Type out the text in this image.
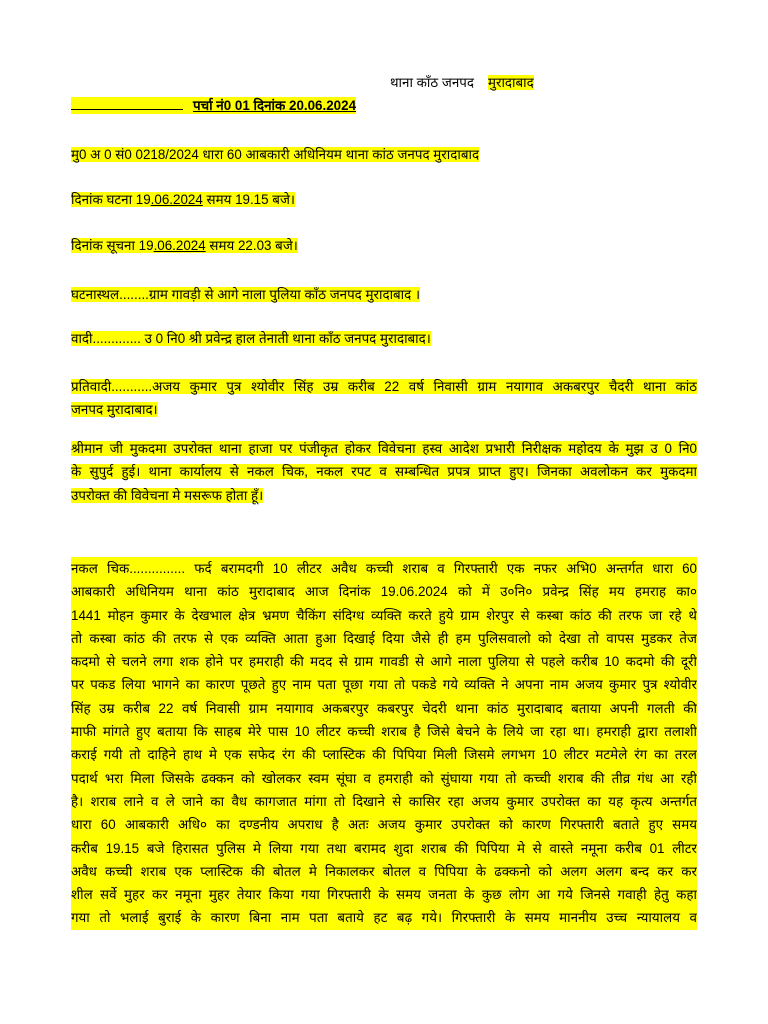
थाना काँठ जनपद मुरादाबाद
पर्चा नं0 01 दिनांक 20.06.2024
मु0 अ 0 सं0 0218/2024 धारा 60 आबकारी अधिनियम थाना कांठ जनपद मुरादाबाद
दिनांक घटना 19.06.2024 समय 19.15 बजे।
दिनांक सूचना 19.06.2024 समय 22.03 बजे।
घटनास्थल........ग्राम गावड़ी से आगे नाला पुलिया काँठ जनपद मुरादाबाद ।
वादी............. उ 0 नि0 श्री प्रवेन्द्र हाल तेनाती थाना काँठ जनपद मुरादाबाद।
प्रतिवादी...........अजय कुमार पुत्र श्योवीर सिंह उम्र करीब 22 वर्ष निवासी ग्राम नयागाव अकबरपुर चैदरी थाना कांठ
जनपद मुरादाबाद।
श्रीमान जी मुकदमा उपरोक्त थाना हाजा पर पंजीकृत होकर विवेचना हस्व आदेश प्रभारी निरीक्षक महोदय के मुझ उ 0 नि0
के सुपुर्द हुई। थाना कार्यालय से नकल चिक, नकल रपट व सम्बन्धित प्रपत्र प्राप्त हुए। जिनका अवलोकन कर मुकदमा
उपरोक्त की विवेचना मे मसरूफ होता हूँ।
नकल चिक............... फर्द बरामदगी 10 लीटर अवैध कच्ची शराब व गिरफ्तारी एक नफर अभि0 अन्तर्गत धारा 60
आबकारी अधिनियम थाना कांठ मुरादाबाद आज दिनांक 19.06.2024 को में उ०नि० प्रवेन्द्र सिंह मय हमराह का०
1441 मोहन कुमार के देखभाल क्षेत्र भ्रमण चैकिंग संदिग्ध व्यक्ति करते हुये ग्राम शेरपुर से कस्बा कांठ की तरफ जा रहे थे
तो कस्बा कांठ की तरफ से एक व्यक्ति आता हुआ दिखाई दिया जैसे ही हम पुलिसवालो को देखा तो वापस मुडकर तेज
कदमो से चलने लगा शक होने पर हमराही की मदद से ग्राम गावडी से आगे नाला पुलिया से पहले करीब 10 कदमो की दूरी
पर पकड लिया भागने का कारण पूछते हुए नाम पता पूछा गया तो पकडे गये व्यक्ति ने अपना नाम अजय कुमार पुत्र श्योवीर
सिंह उम्र करीब 22 वर्ष निवासी ग्राम नयागाव अकबरपुर कबरपुर चेदरी थाना कांठ मुरादाबाद बताया अपनी गलती की
माफी मांगते हुए बताया कि साहब मेरे पास 10 लीटर कच्ची शराब है जिसे बेचने के लिये जा रहा था। हमराही द्वारा तलाशी
कराई गयी तो दाहिने हाथ मे एक सफेद रंग की प्लास्टिक की पिपिया मिली जिसमे लगभग 10 लीटर मटमेले रंग का तरल
पदार्थ भरा मिला जिसके ढक्कन को खोलकर स्वम सूंघा व हमराही को सुंघाया गया तो कच्ची शराब की तीव्र गंध आ रही
है। शराब लाने व ले जाने का वैध कागजात मांगा तो दिखाने से कासिर रहा अजय कुमार उपरोक्त का यह कृत्य अन्तर्गत
धारा 60 आबकारी अधि० का दण्डनीय अपराध है अतः अजय कुमार उपरोक्त को कारण गिरफ्तारी बताते हुए समय
करीब 19.15 बजे हिरासत पुलिस मे लिया गया तथा बरामद शुदा शराब की पिपिया मे से वास्ते नमूना करीब 01 लीटर
अवैध कच्ची शराब एक प्लास्टिक की बोतल मे निकालकर बोतल व पिपिया के ढक्कनो को अलग अलग बन्द कर कर
शील सर्वे मुहर कर नमूना मुहर तेयार किया गया गिरफ्तारी के समय जनता के कुछ लोग आ गये जिनसे गवाही हेतु कहा
गया तो भलाई बुराई के कारण बिना नाम पता बताये हट बढ़ गये। गिरफ्तारी के समय माननीय उच्च न्यायालय व
